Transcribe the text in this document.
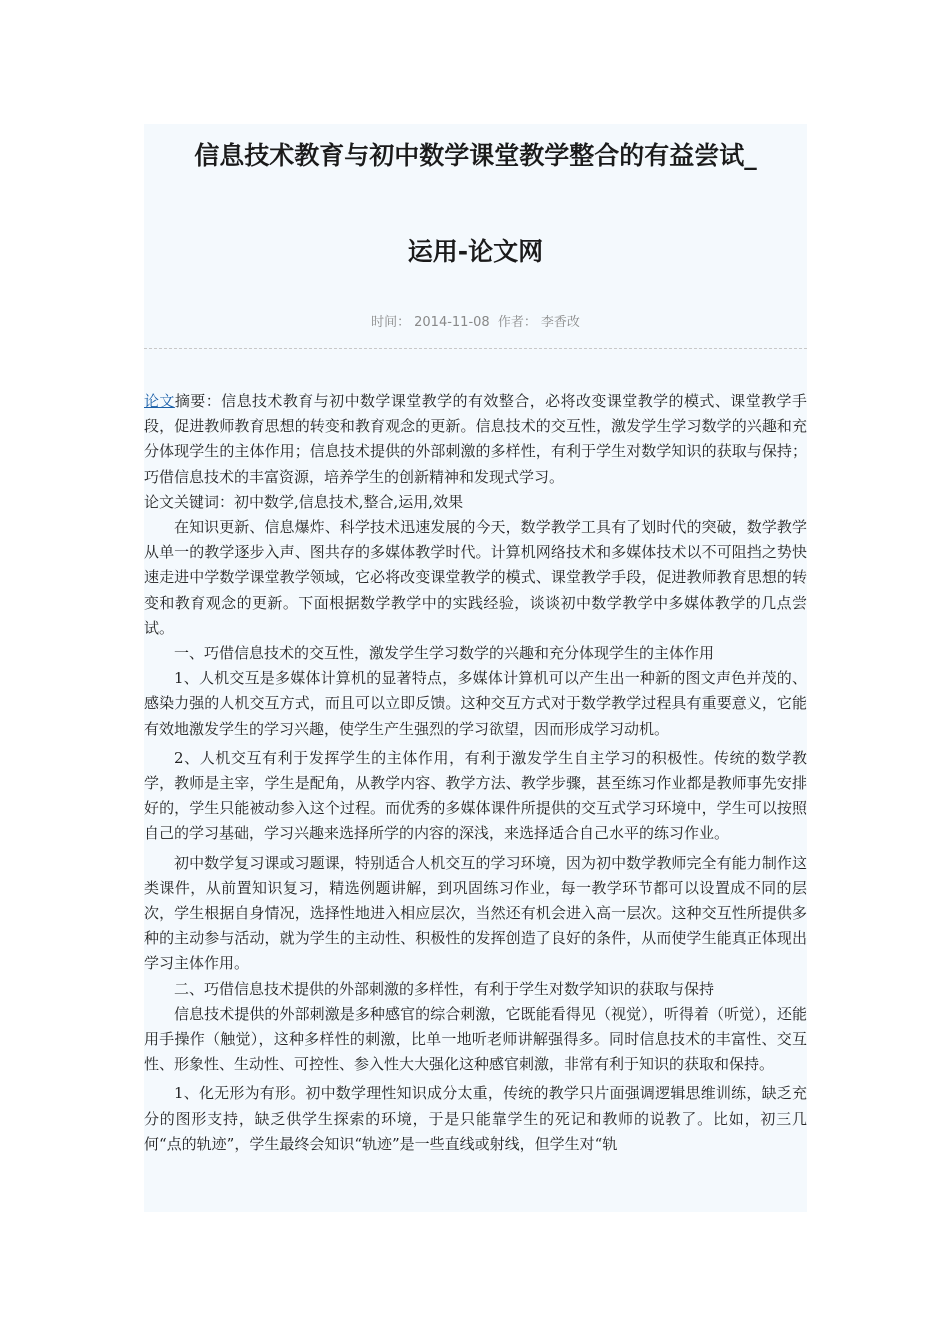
信息技术教育与初中数学课堂教学整合的有益尝试_
运用-论文网
时间： 2014-11-08 作者： 李香改

论文摘要：信息技术教育与初中数学课堂教学的有效整合，必将改变课堂教学的模式、课堂教学手段，促进教师教育思想的转变和教育观念的更新。信息技术的交互性，激发学生学习数学的兴趣和充分体现学生的主体作用；信息技术提供的外部刺激的多样性，有利于学生对数学知识的获取与保持；巧借信息技术的丰富资源，培养学生的创新精神和发现式学习。

论文关键词：初中数学,信息技术,整合,运用,效果

在知识更新、信息爆炸、科学技术迅速发展的今天，数学教学工具有了划时代的突破，数学教学从单一的教学逐步入声、图共存的多媒体教学时代。计算机网络技术和多媒体技术以不可阻挡之势快速走进中学数学课堂教学领域，它必将改变课堂教学的模式、课堂教学手段，促进教师教育思想的转变和教育观念的更新。下面根据数学教学中的实践经验，谈谈初中数学教学中多媒体教学的几点尝试。

一、巧借信息技术的交互性，激发学生学习数学的兴趣和充分体现学生的主体作用

1、人机交互是多媒体计算机的显著特点，多媒体计算机可以产生出一种新的图文声色并茂的、感染力强的人机交互方式，而且可以立即反馈。这种交互方式对于数学教学过程具有重要意义，它能有效地激发学生的学习兴趣，使学生产生强烈的学习欲望，因而形成学习动机。

2、人机交互有利于发挥学生的主体作用，有利于激发学生自主学习的积极性。传统的数学教学，教师是主宰，学生是配角，从教学内容、教学方法、教学步骤，甚至练习作业都是教师事先安排好的，学生只能被动参入这个过程。而优秀的多媒体课件所提供的交互式学习环境中，学生可以按照自己的学习基础，学习兴趣来选择所学的内容的深浅，来选择适合自己水平的练习作业。

初中数学复习课或习题课，特别适合人机交互的学习环境，因为初中数学教师完全有能力制作这类课件，从前置知识复习，精选例题讲解，到巩固练习作业，每一教学环节都可以设置成不同的层次，学生根据自身情况，选择性地进入相应层次，当然还有机会进入高一层次。这种交互性所提供多种的主动参与活动，就为学生的主动性、积极性的发挥创造了良好的条件，从而使学生能真正体现出学习主体作用。

二、巧借信息技术提供的外部刺激的多样性，有利于学生对数学知识的获取与保持

信息技术提供的外部刺激是多种感官的综合刺激，它既能看得见（视觉），听得着（听觉），还能用手操作（触觉），这种多样性的刺激，比单一地听老师讲解强得多。同时信息技术的丰富性、交互性、形象性、生动性、可控性、参入性大大强化这种感官刺激，非常有利于知识的获取和保持。

1、化无形为有形。初中数学理性知识成分太重，传统的教学只片面强调逻辑思维训练，缺乏充分的图形支持，缺乏供学生探索的环境，于是只能靠学生的死记和教师的说教了。比如，初三几何“点的轨迹”，学生最终会知识“轨迹”是一些直线或射线，但学生对“轨
